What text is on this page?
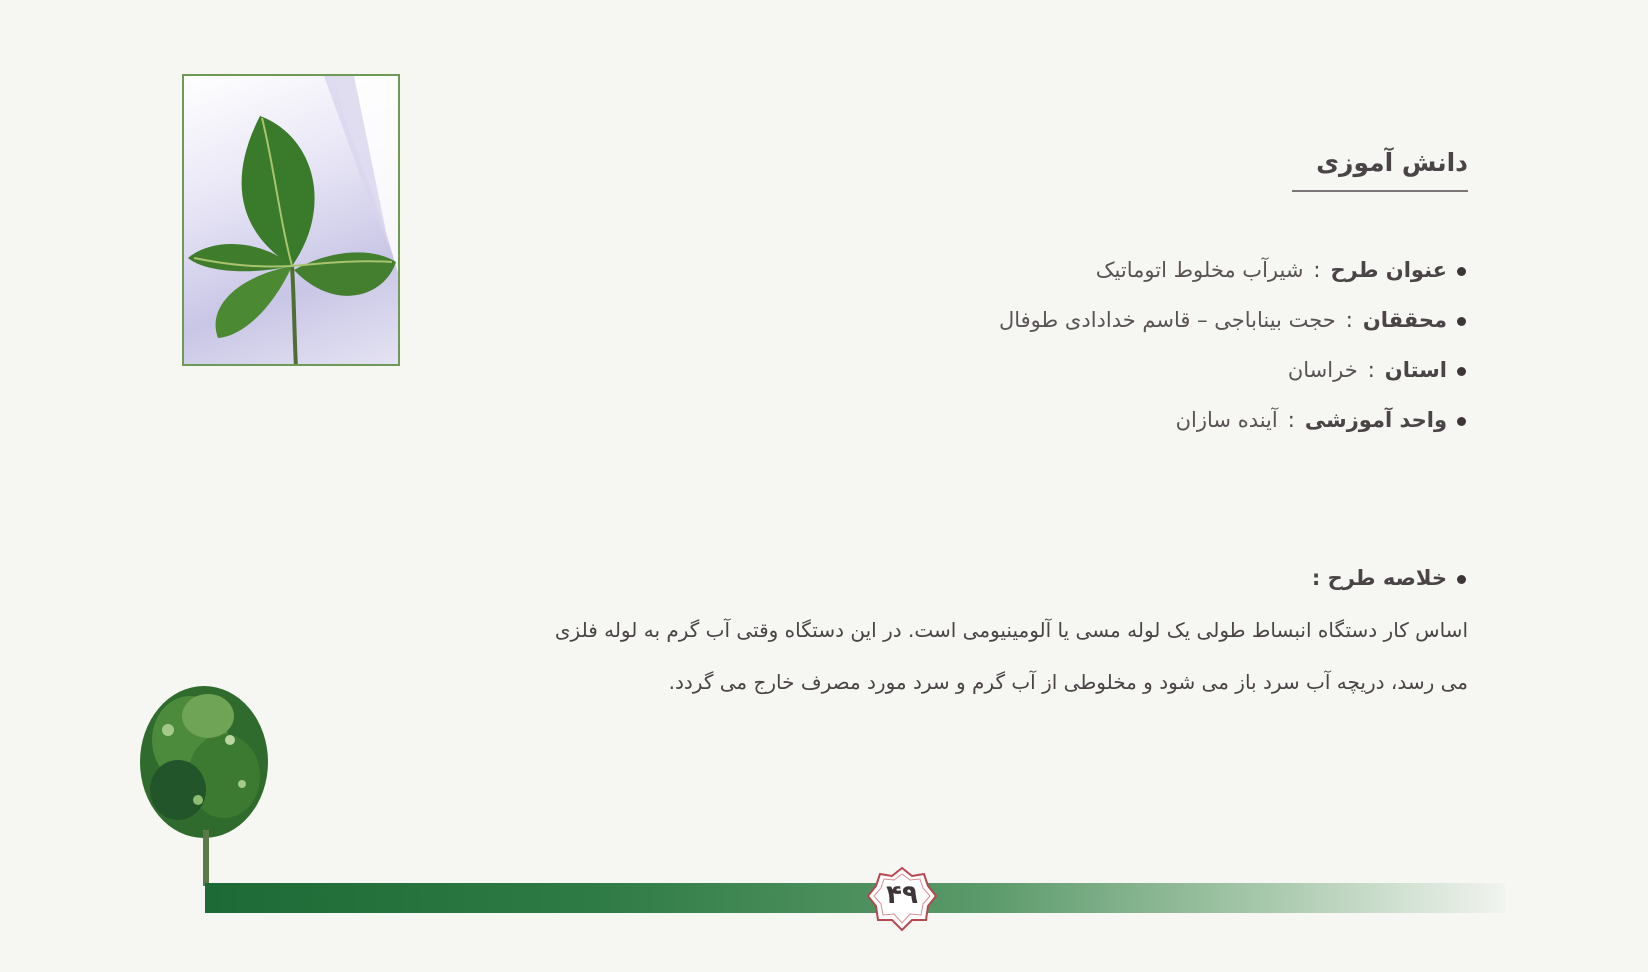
دانش آموزی
عنوان طرح:شیرآب مخلوط اتوماتیک
محققان:حجت بیناباجی – قاسم خدادادی طوفال
استان:خراسان
واحد آموزشی:آینده سازان
خلاصه طرح :
اساس کار دستگاه انبساط طولی یک لوله مسی یا آلومینیومی است. در این دستگاه وقتی آب گرم به لوله فلزی
می رسد، دریچه آب سرد باز می شود و مخلوطی از آب گرم و سرد مورد مصرف خارج می گردد.
۴۹
